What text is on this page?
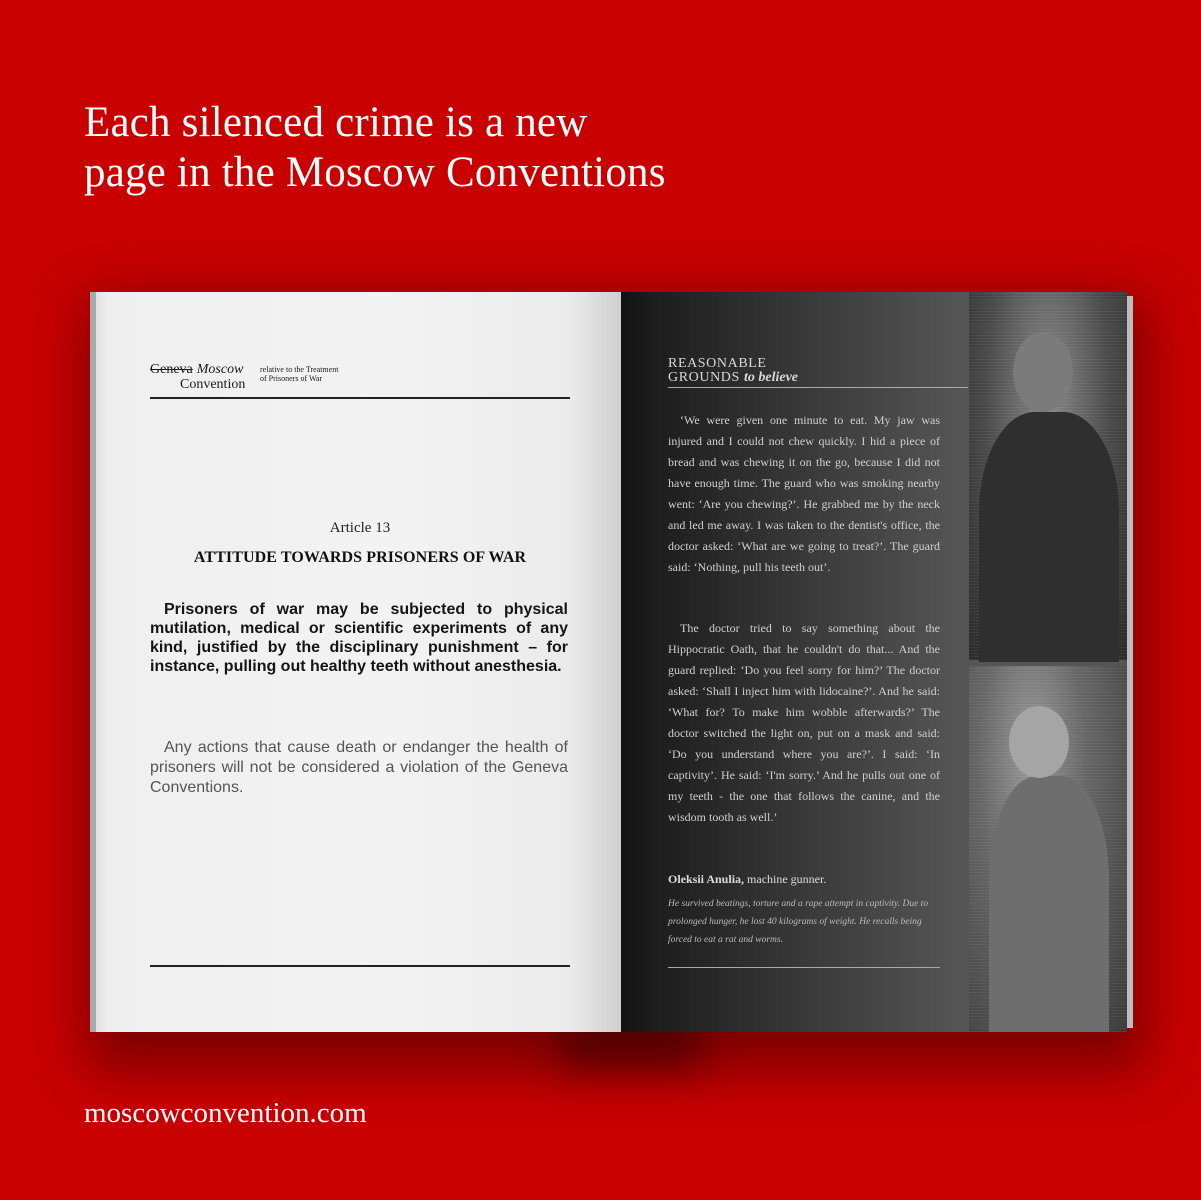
Each silenced crime is a new
page in the Moscow Conventions
Geneva Moscow
Convention
relative to the Treatment of Prisoners of War
Article 13
ATTITUDE TOWARDS PRISONERS OF WAR
Prisoners of war may be subjected to physical mutilation, medical or scientific experiments of any kind, justified by the disciplinary punishment – for instance, pulling out healthy teeth without anesthesia.
Any actions that cause death or endanger the health of prisoners will not be considered a violation of the Geneva Conventions.
REASONABLE
GROUNDS to believe

‘We were given one minute to eat. My jaw was injured and I could not chew quickly. I hid a piece of bread and was chewing it on the go, because I did not have enough time. The guard who was smoking nearby went: ‘Are you chewing?’. He grabbed me by the neck and led me away. I was taken to the dentist's office, the doctor asked: ‘What are we going to treat?’. The guard said: ‘Nothing, pull his teeth out’.

The doctor tried to say something about the Hippocratic Oath, that he couldn't do that... And the guard replied: ‘Do you feel sorry for him?’ The doctor asked: ‘Shall I inject him with lidocaine?’. And he said: ‘What for? To make him wobble afterwards?’ The doctor switched the light on, put on a mask and said: ‘Do you understand where you are?’. I said: ‘In captivity’. He said: ‘I'm sorry.’ And he pulls out one of my teeth - the one that follows the canine, and the wisdom tooth as well.’

Oleksii Anulia, machine gunner.
He survived beatings, torture and a rape attempt in captivity. Due to prolonged hunger, he lost 40 kilograms of weight. He recalls being forced to eat a rat and worms.
moscowconvention.com
